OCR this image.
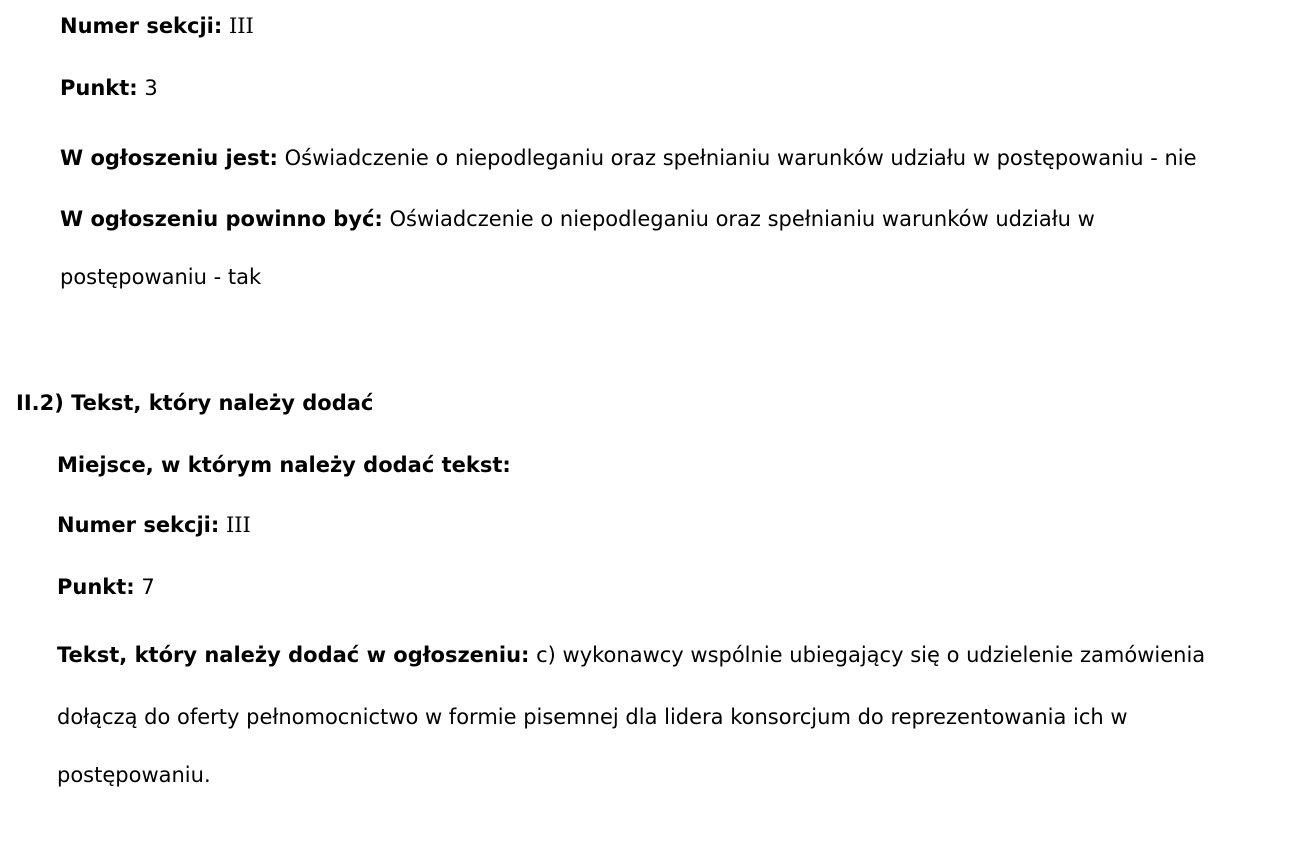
Numer sekcji: III
Punkt: 3
W ogłoszeniu jest: Oświadczenie o niepodleganiu oraz spełnianiu warunków udziału w postępowaniu - nie
W ogłoszeniu powinno być: Oświadczenie o niepodleganiu oraz spełnianiu warunków udziału w
postępowaniu - tak
II.2) Tekst, który należy dodać
Miejsce, w którym należy dodać tekst:
Numer sekcji: III
Punkt: 7
Tekst, który należy dodać w ogłoszeniu: c) wykonawcy wspólnie ubiegający się o udzielenie zamówienia
dołączą do oferty pełnomocnictwo w formie pisemnej dla lidera konsorcjum do reprezentowania ich w
postępowaniu.
